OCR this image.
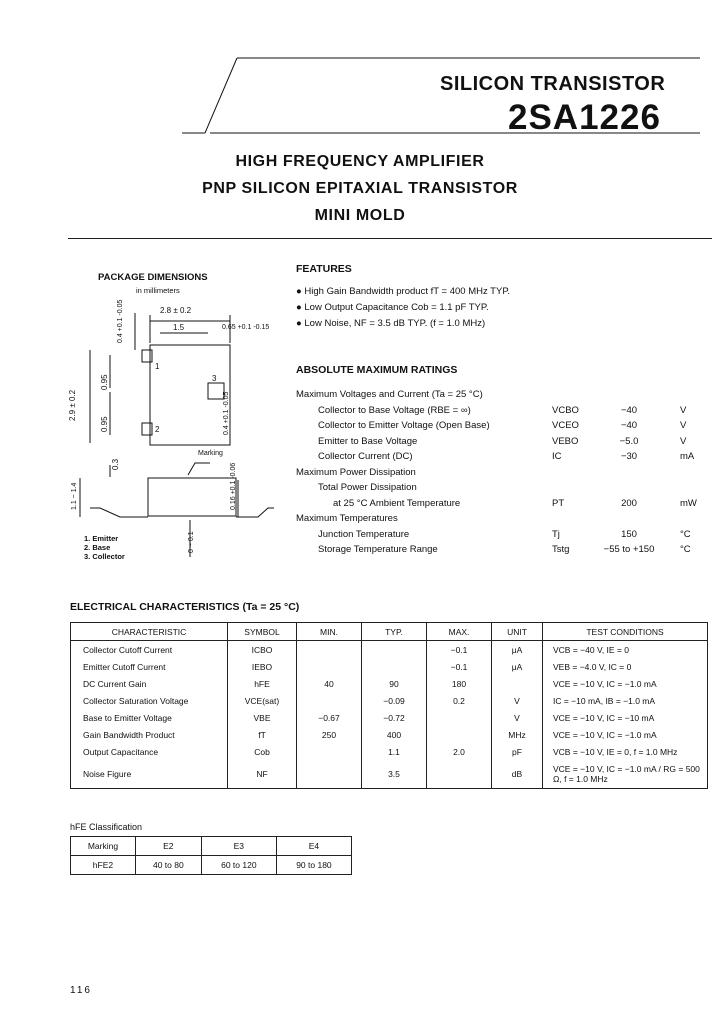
SILICON TRANSISTOR
2SA1226
HIGH FREQUENCY AMPLIFIER
PNP SILICON EPITAXIAL TRANSISTOR
MINI MOLD
PACKAGE DIMENSIONS
in millimeters
2.8 ± 0.2
1.5	0.65 +0.1 -0.15
2.9 ± 0.2
0.95
0.95
0.4 +0.1 -0.05
0.4 +0.1 -0.05
0.3
1.1 ~ 1.4
0 ~ 0.1
0.16 +0.1 -0.06
Marking
1
2
3
1. Emitter
2. Base
3. Collector
FEATURES
● High Gain Bandwidth product fT = 400 MHz TYP.
● Low Output Capacitance Cob = 1.1 pF TYP.
● Low Noise, NF = 3.5 dB TYP. (f = 1.0 MHz)
ABSOLUTE MAXIMUM RATINGS
Maximum Voltages and Current (Ta = 25 °C)
Collector to Base Voltage (RBE = ∞)	VCBO	−40	V
Collector to Emitter Voltage (Open Base)	VCEO	−40	V
Emitter to Base Voltage	VEBO	−5.0	V
Collector Current (DC)	IC	−30	mA
Maximum Power Dissipation
Total Power Dissipation
at 25 °C Ambient Temperature	PT	200	mW
Maximum Temperatures
Junction Temperature	Tj	150	°C
Storage Temperature Range	Tstg	−55 to +150	°C
ELECTRICAL CHARACTERISTICS (Ta = 25 °C)
CHARACTERISTIC	SYMBOL	MIN.	TYP.	MAX.	UNIT	TEST CONDITIONS
Collector Cutoff Current	ICBO			−0.1	μA	VCB = −40 V, IE = 0
Emitter Cutoff Current	IEBO			−0.1	μA	VEB = −4.0 V, IC = 0
DC Current Gain	hFE	40	90	180		VCE = −10 V, IC = −1.0 mA
Collector Saturation Voltage	VCE(sat)		−0.09	0.2	V	IC = −10 mA, IB = −1.0 mA
Base to Emitter Voltage	VBE	−0.67	−0.72		V	VCE = −10 V, IC = −10 mA
Gain Bandwidth Product	fT	250	400		MHz	VCE = −10 V, IC = −1.0 mA
Output Capacitance	Cob		1.1	2.0	pF	VCB = −10 V, IE = 0, f = 1.0 MHz
Noise Figure	NF		3.5		dB	VCE = −10 V, IC = −1.0 mA / RG = 500 Ω, f = 1.0 MHz
hFE Classification
Marking	E2	E3	E4
hFE2	40 to 80	60 to 120	90 to 180
116
